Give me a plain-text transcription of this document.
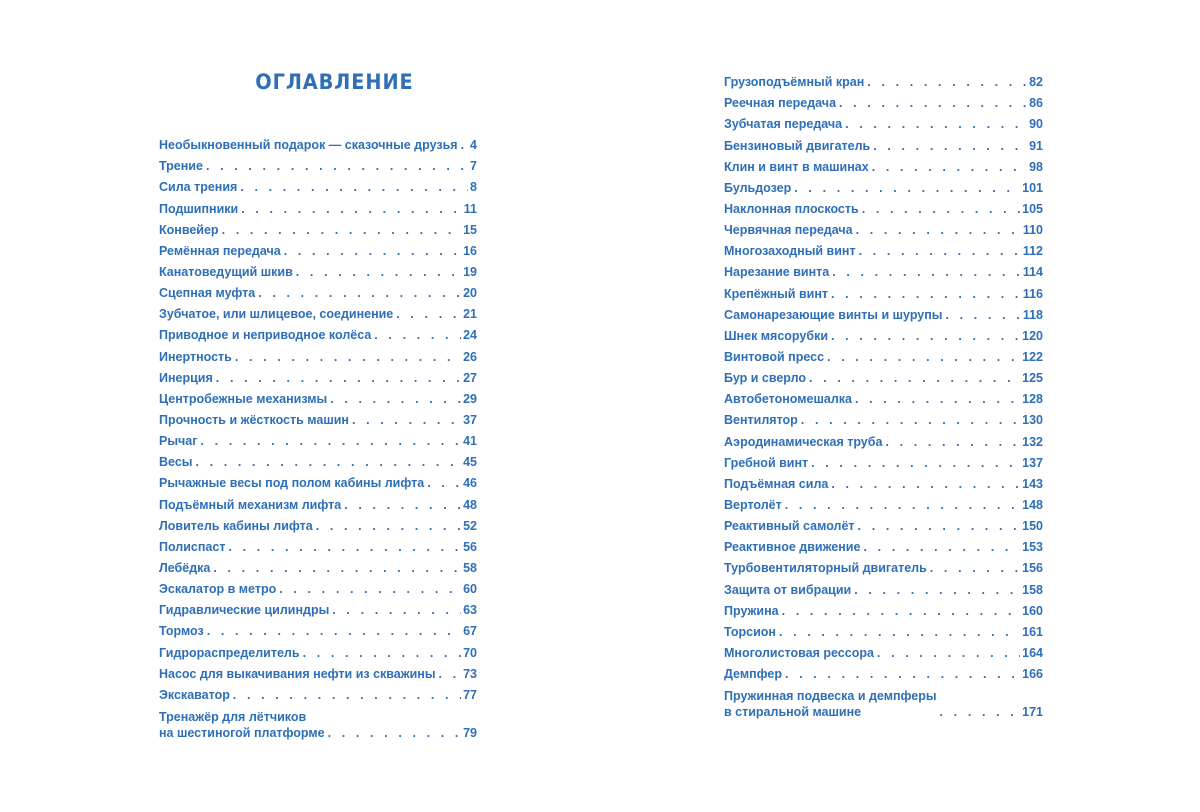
ОГЛАВЛЕНИЕ
Необыкновенный подарок — сказочные друзья . . . 4
Трение . . .	7
Сила трения . . .	8
Подшипники . . .	11
Конвейер . . .	15
Ремённая передача . . .	16
Канатоведущий шкив . . .	19
Сцепная муфта . . .	20
Зубчатое, или шлицевое, соединение . . .	21
Приводное и неприводное колёса . . .	24
Инертность . . .	26
Инерция . . .	27
Центробежные механизмы . . .	29
Прочность и жёсткость машин . . .	37
Рычаг . . .	41
Весы . . .	45
Рычажные весы под полом кабины лифта . . .	46
Подъёмный механизм лифта . . .	48
Ловитель кабины лифта . . .	52
Полиспаст . . .	56
Лебёдка . . .	58
Эскалатор в метро . . .	60
Гидравлические цилиндры . . .	63
Тормоз . . .	67
Гидрораспределитель . . .	70
Насос для выкачивания нефти из скважины . . . 73
Экскаватор . . .	77
Тренажёр для лётчиков
на шестиногой платформе . . .	79
Грузоподъёмный кран . . .	82
Реечная передача . . .	86
Зубчатая передача . . .	90
Бензиновый двигатель . . .	91
Клин и винт в машинах . . .	98
Бульдозер . . .	101
Наклонная плоскость . . .	105
Червячная передача . . .	110
Многозаходный винт . . .	112
Нарезание винта . . .	114
Крепёжный винт . . .	116
Самонарезающие винты и шурупы . . .	118
Шнек мясорубки . . .	120
Винтовой пресс . . .	122
Бур и сверло . . .	125
Автобетономешалка . . .	128
Вентилятор . . .	130
Аэродинамическая труба . . .	132
Гребной винт . . .	137
Подъёмная сила . . .	143
Вертолёт . . .	148
Реактивный самолёт . . .	150
Реактивное движение . . .	153
Турбовентиляторный двигатель . . .	156
Защита от вибрации . . .	158
Пружина . . .	160
Торсион . . .	161
Многолистовая рессора . . .	164
Демпфер . . .	166
Пружинная подвеска и демпферы
в стиральной машине . . .	171
